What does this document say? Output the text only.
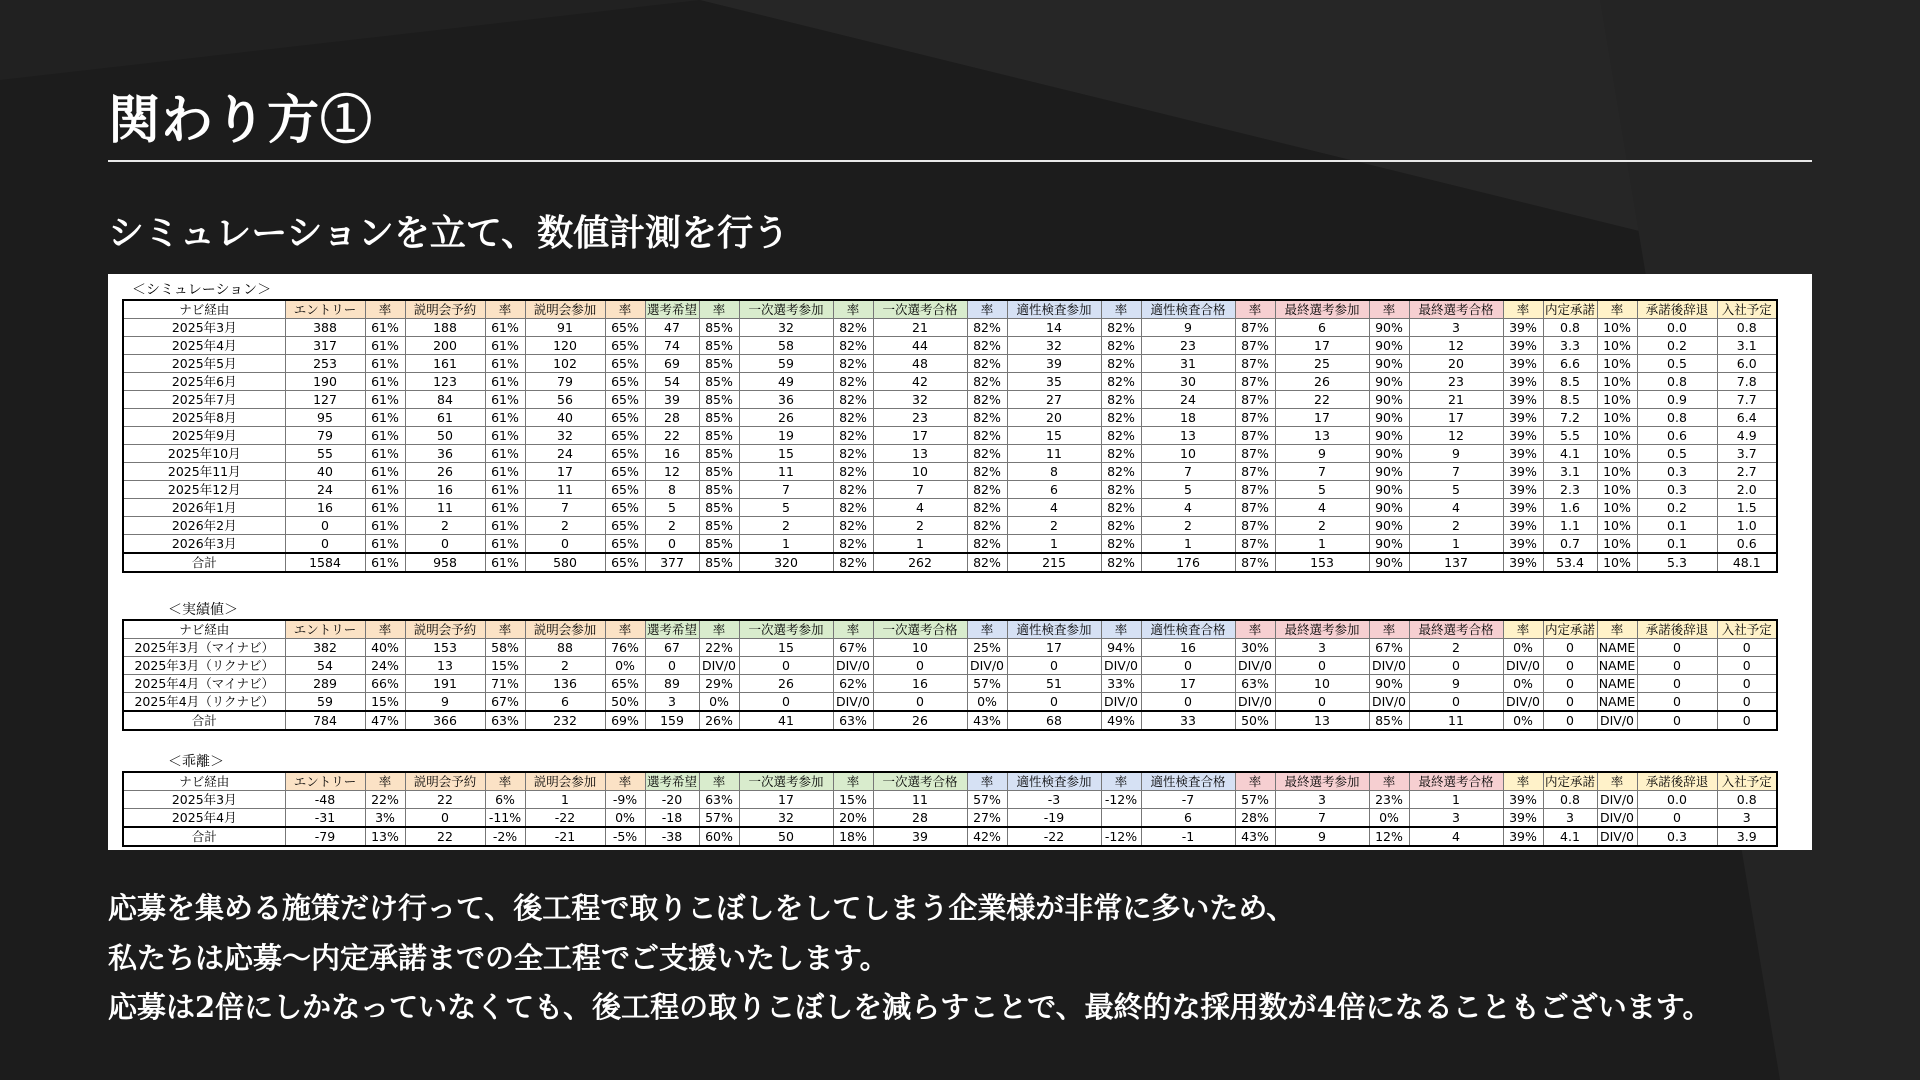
関わり方①
シミュレーションを立て、数値計測を行う
＜シミュレーション＞
ナビ経由	エントリー	率	説明会予約	率	説明会参加	率	選考希望	率	一次選考参加	率	一次選考合格	率	適性検査参加	率	適性検査合格	率	最終選考参加	率	最終選考合格	率	内定承諾	率	承諾後辞退	入社予定
2025年3月	388	61%	188	61%	91	65%	47	85%	32	82%	21	82%	14	82%	9	87%	6	90%	3	39%	0.8	10%	0.0	0.8
2025年4月	317	61%	200	61%	120	65%	74	85%	58	82%	44	82%	32	82%	23	87%	17	90%	12	39%	3.3	10%	0.2	3.1
2025年5月	253	61%	161	61%	102	65%	69	85%	59	82%	48	82%	39	82%	31	87%	25	90%	20	39%	6.6	10%	0.5	6.0
2025年6月	190	61%	123	61%	79	65%	54	85%	49	82%	42	82%	35	82%	30	87%	26	90%	23	39%	8.5	10%	0.8	7.8
2025年7月	127	61%	84	61%	56	65%	39	85%	36	82%	32	82%	27	82%	24	87%	22	90%	21	39%	8.5	10%	0.9	7.7
2025年8月	95	61%	61	61%	40	65%	28	85%	26	82%	23	82%	20	82%	18	87%	17	90%	17	39%	7.2	10%	0.8	6.4
2025年9月	79	61%	50	61%	32	65%	22	85%	19	82%	17	82%	15	82%	13	87%	13	90%	12	39%	5.5	10%	0.6	4.9
2025年10月	55	61%	36	61%	24	65%	16	85%	15	82%	13	82%	11	82%	10	87%	9	90%	9	39%	4.1	10%	0.5	3.7
2025年11月	40	61%	26	61%	17	65%	12	85%	11	82%	10	82%	8	82%	7	87%	7	90%	7	39%	3.1	10%	0.3	2.7
2025年12月	24	61%	16	61%	11	65%	8	85%	7	82%	7	82%	6	82%	5	87%	5	90%	5	39%	2.3	10%	0.3	2.0
2026年1月	16	61%	11	61%	7	65%	5	85%	5	82%	4	82%	4	82%	4	87%	4	90%	4	39%	1.6	10%	0.2	1.5
2026年2月	0	61%	2	61%	2	65%	2	85%	2	82%	2	82%	2	82%	2	87%	2	90%	2	39%	1.1	10%	0.1	1.0
2026年3月	0	61%	0	61%	0	65%	0	85%	1	82%	1	82%	1	82%	1	87%	1	90%	1	39%	0.7	10%	0.1	0.6
合計	1584	61%	958	61%	580	65%	377	85%	320	82%	262	82%	215	82%	176	87%	153	90%	137	39%	53.4	10%	5.3	48.1
＜実績値＞
ナビ経由	エントリー	率	説明会予約	率	説明会参加	率	選考希望	率	一次選考参加	率	一次選考合格	率	適性検査参加	率	適性検査合格	率	最終選考参加	率	最終選考合格	率	内定承諾	率	承諾後辞退	入社予定
2025年3月（マイナビ）	382	40%	153	58%	88	76%	67	22%	15	67%	10	25%	17	94%	16	30%	3	67%	2	0%	0	NAME	0	0
2025年3月（リクナビ）	54	24%	13	15%	2	0%	0	DIV/0	0	DIV/0	0	DIV/0	0	DIV/0	0	DIV/0	0	DIV/0	0	DIV/0	0	NAME	0	0
2025年4月（マイナビ）	289	66%	191	71%	136	65%	89	29%	26	62%	16	57%	51	33%	17	63%	10	90%	9	0%	0	NAME	0	0
2025年4月（リクナビ）	59	15%	9	67%	6	50%	3	0%	0	DIV/0	0	0%	0	DIV/0	0	DIV/0	0	DIV/0	0	DIV/0	0	NAME	0	0
合計	784	47%	366	63%	232	69%	159	26%	41	63%	26	43%	68	49%	33	50%	13	85%	11	0%	0	DIV/0	0	0
＜乖離＞
ナビ経由	エントリー	率	説明会予約	率	説明会参加	率	選考希望	率	一次選考参加	率	一次選考合格	率	適性検査参加	率	適性検査合格	率	最終選考参加	率	最終選考合格	率	内定承諾	率	承諾後辞退	入社予定
2025年3月	-48	22%	22	6%	1	-9%	-20	63%	17	15%	11	57%	-3	-12%	-7	57%	3	23%	1	39%	0.8	DIV/0	0.0	0.8
2025年4月	-31	3%	0	-11%	-22	0%	-18	57%	32	20%	28	27%	-19		6	28%	7	0%	3	39%	3	DIV/0	0	3
合計	-79	13%	22	-2%	-21	-5%	-38	60%	50	18%	39	42%	-22	-12%	-1	43%	9	12%	4	39%	4.1	DIV/0	0.3	3.9
応募を集める施策だけ行って、後工程で取りこぼしをしてしまう企業様が非常に多いため、
私たちは応募〜内定承諾までの全工程でご支援いたします。
応募は2倍にしかなっていなくても、後工程の取りこぼしを減らすことで、最終的な採用数が4倍になることもございます。
